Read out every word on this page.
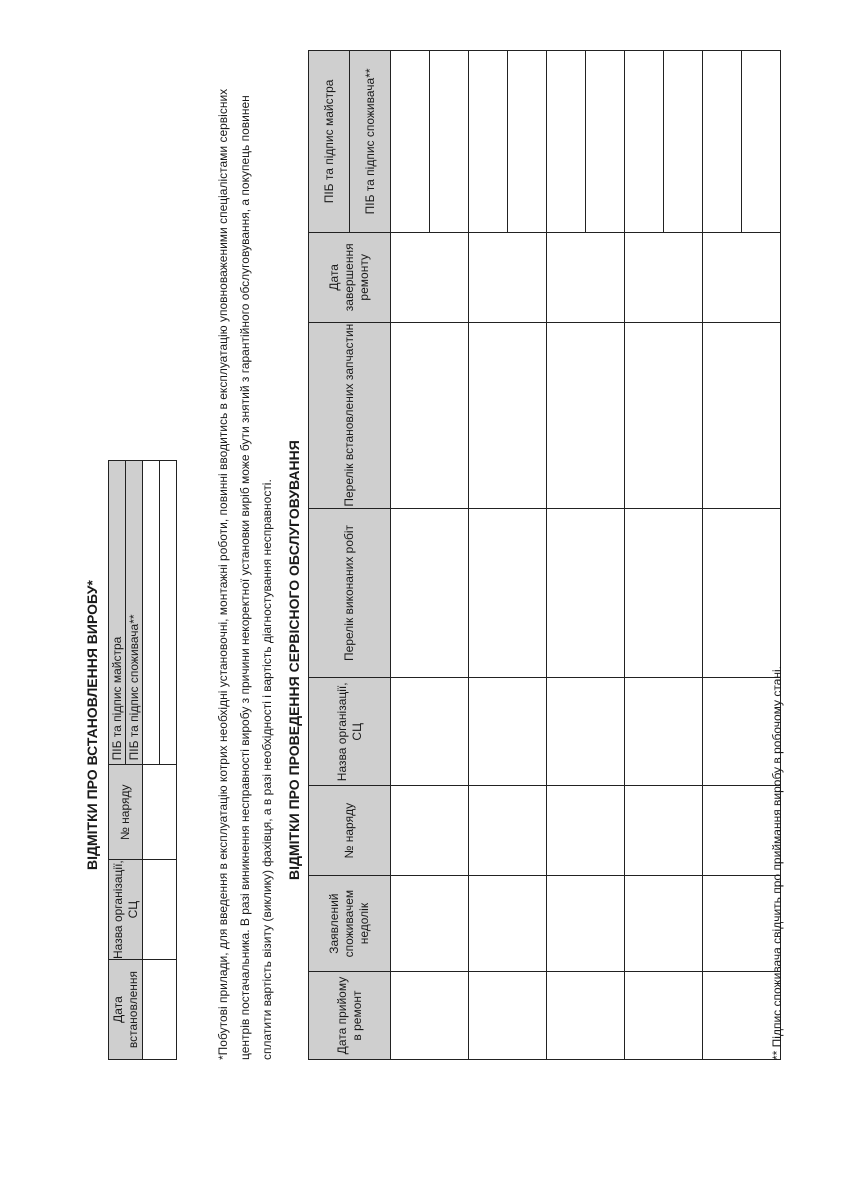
ВІДМІТКИ ПРО ВСТАНОВЛЕННЯ ВИРОБУ*
Дата встановлення	Назва організації, СЦ	№ наряду	ПІБ та підпис майстра
			ПІБ та підпис споживача**
				*Побутові прилади, для введення в експлуатацію котрих необхідні установочні, монтажні роботи, повинні вводитись в експлуатацію уповноваженими спеціалістами сервісних центрів постачальника. В разі виникнення несправності виробу з причини некоректної установки виріб може бути знятий з гарантійного обслуговування, а покупець повинен сплатити вартість візиту (виклику) фахівця, а в разі необхідності і вартість діагностування несправності. ВІДМІТКИ ПРО ПРОВЕДЕННЯ СЕРВІСНОГО ОБСЛУГОВУВАННЯ
Дата прийому в ремонт	Заявлений споживачем недолік	№ наряду	Назва організації, СЦ	Перелік виконаних робіт	Перелік встановлених запчастин	Дата завершення ремонту	ПІБ та підпис майстра
							ПІБ та підпис споживача**

** Підпис споживача свідчить про приймання виробу в робочому стані.
